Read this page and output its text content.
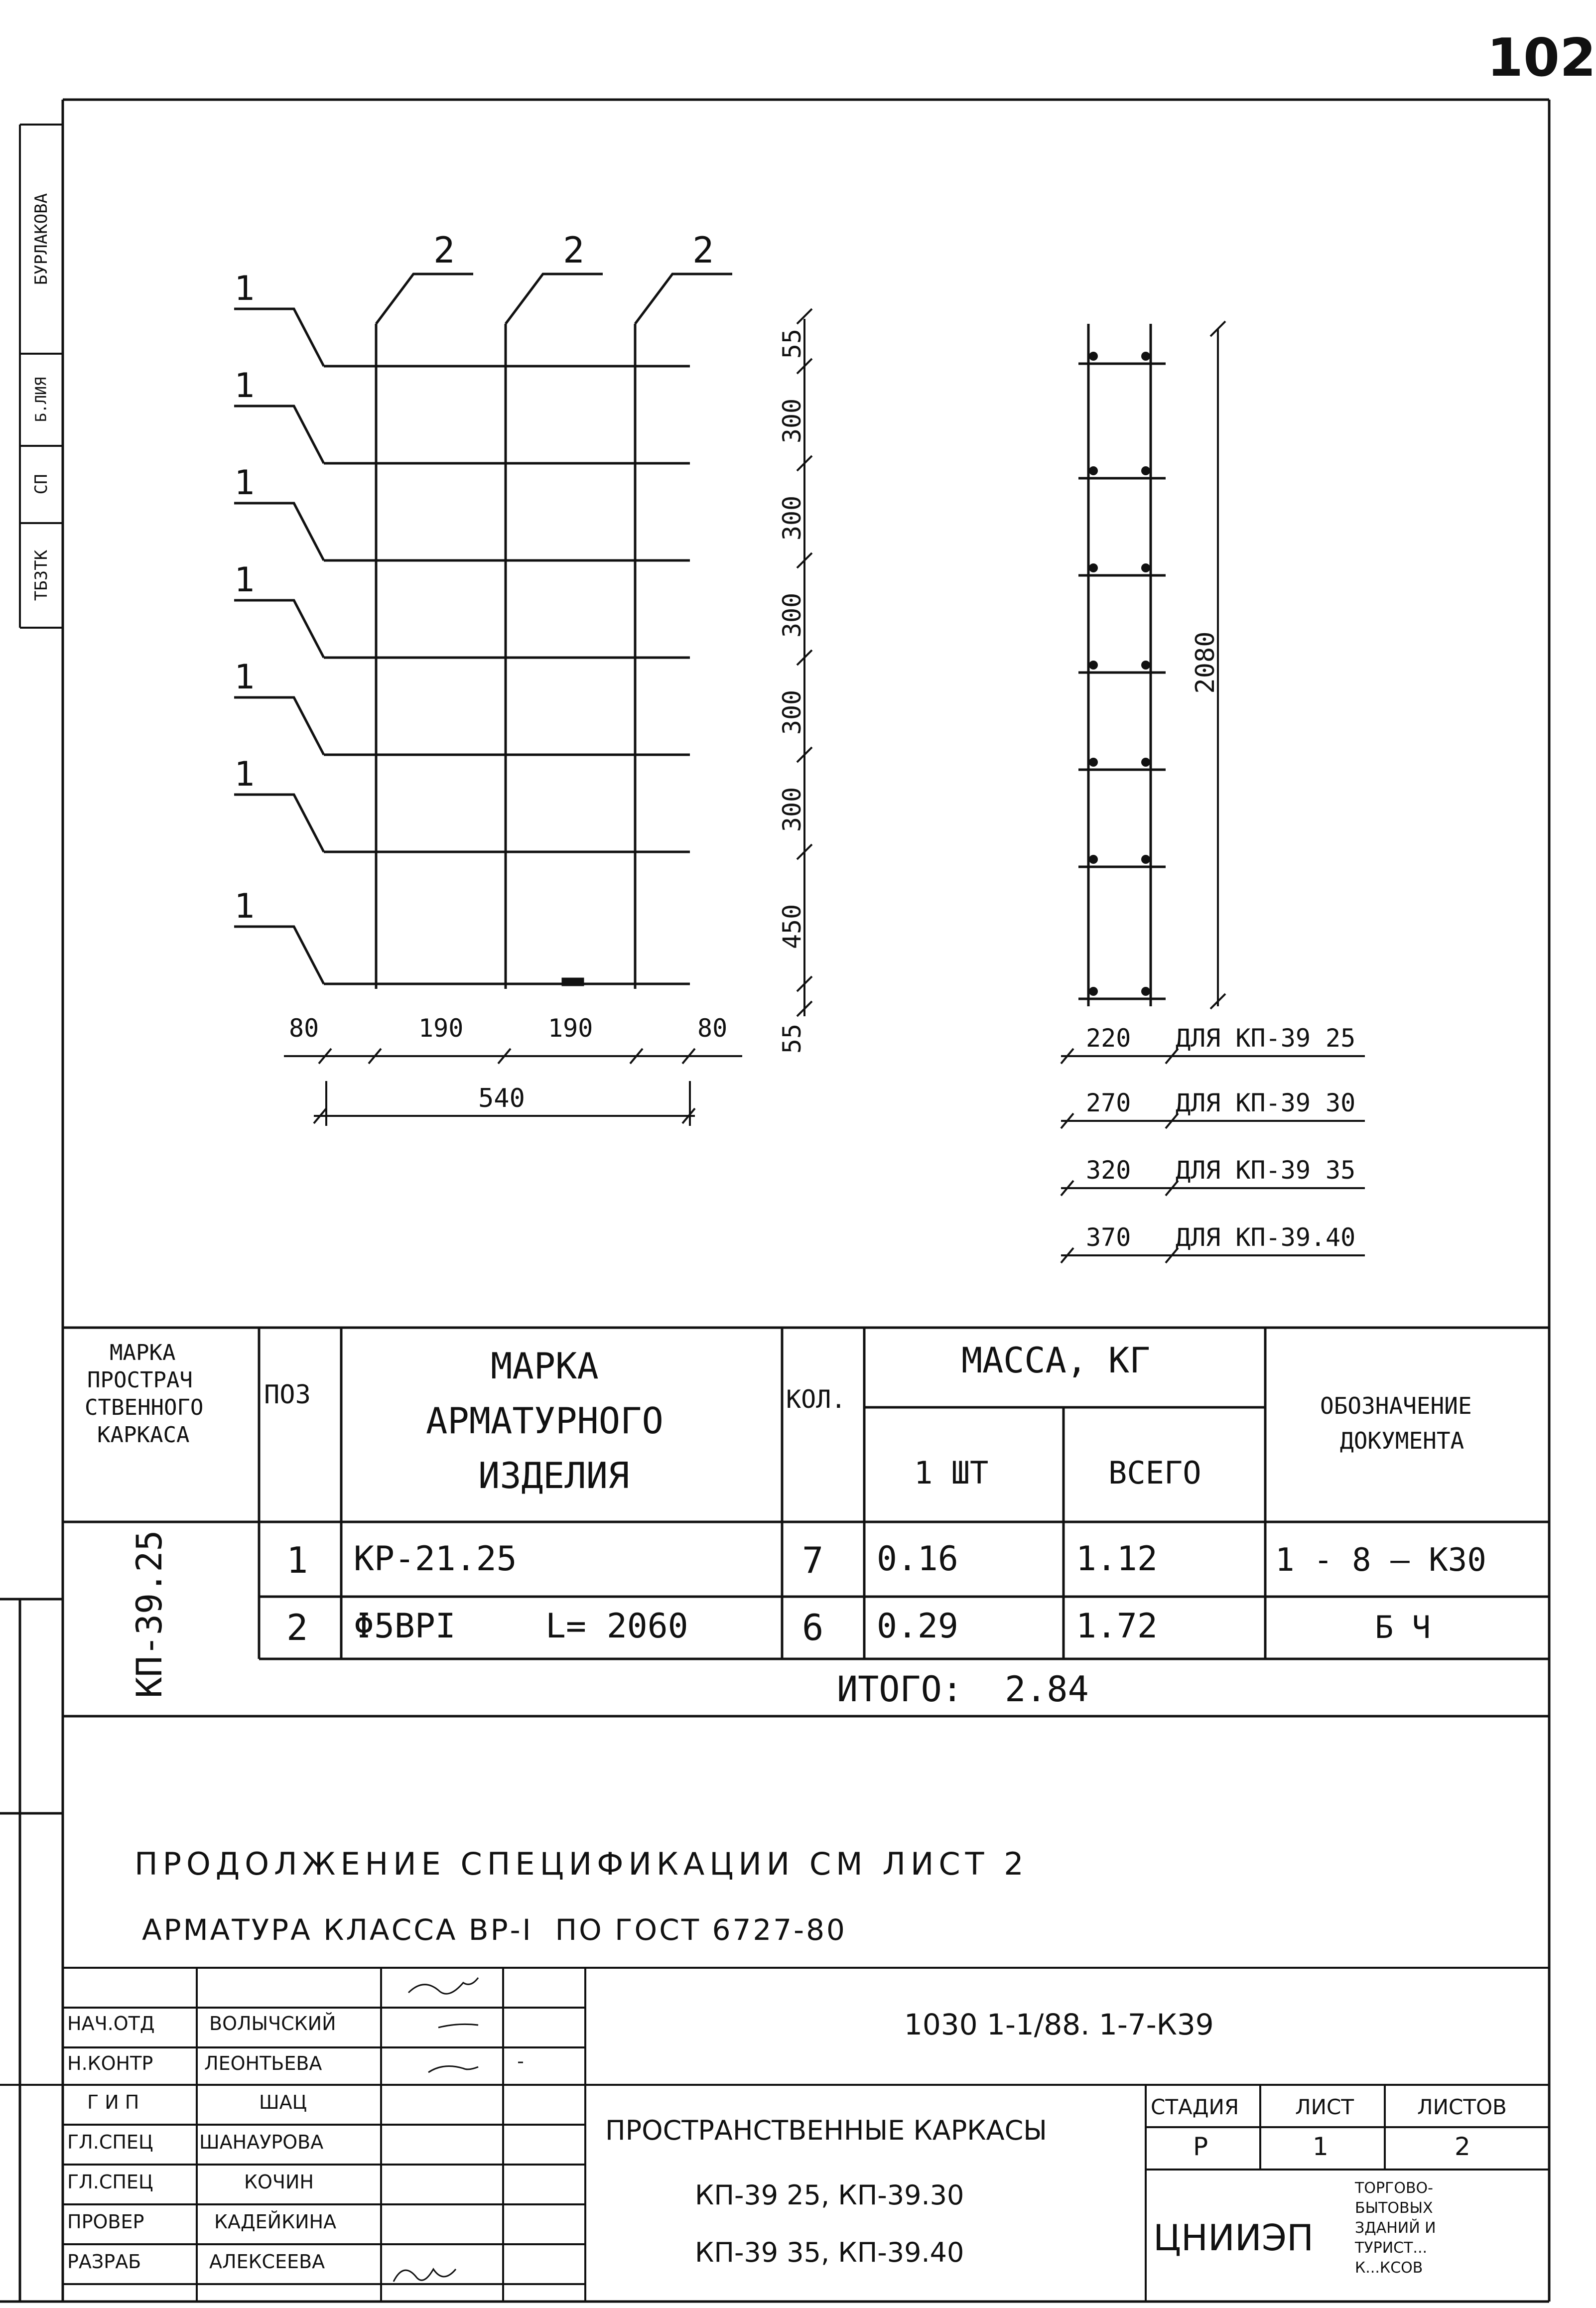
102
ТБЗТК
СП
Б.ЛИЯ
БУРЛАКОВА	2	2	2
1
1
1
1
1
1
1
55
300
300
300
300
300
450
55
80	190	190	80
540
2080
220 ДЛЯ КП-39 25
270 ДЛЯ КП-39 30
320 ДЛЯ КП-39 35
370 ДЛЯ КП-39.40
МАРКА
ПРОСТРАЧ
СТВЕННОГО
КАРКАСА
ПОЗ
МАРКА
АРМАТУРНОГО
ИЗДЕЛИЯ
КОЛ.
МАССА, КГ
1 ШТ	ВСЕГО
ОБОЗНАЧЕНИЕ
ДОКУМЕНТА
КП-39.25	1 КР-21.25	7 0.16	1.12	1 - 8 — К30
2 Φ5ВРI	L= 2060	6 0.29	1.72	Б Ч
ИТОГО:  2.84
ПРОДОЛЖЕНИЕ СПЕЦИФИКАЦИИ СМ ЛИСТ 2
АРМАТУРА КЛАССА ВР-I  ПО ГОСТ 6727-80
1030 1-1/88. 1-7-К39
НАЧ.ОТД	ВОЛЫЧСКИЙ
Н.КОНТР	ЛЕОНТЬЕВА
Г И П	ШАЦ
ГЛ.СПЕЦ ШАНАУРОВА
ГЛ.СПЕЦ	КОЧИН
ПРОВЕР	КАДЕЙКИНА
РАЗРАБ	АЛЕКСЕЕВА
ПРОСТРАНСТВЕННЫЕ КАРКАСЫ
КП-39 25, КП-39.30
КП-39 35, КП-39.40
СТАДИЯ	ЛИСТ	ЛИСТОВ
Р	1	2
ЦНИИЭП
ТОРГОВО-
БЫТОВЫХ
ЗДАНИЙ И
ТУРИСТ...
К...КСОВ
